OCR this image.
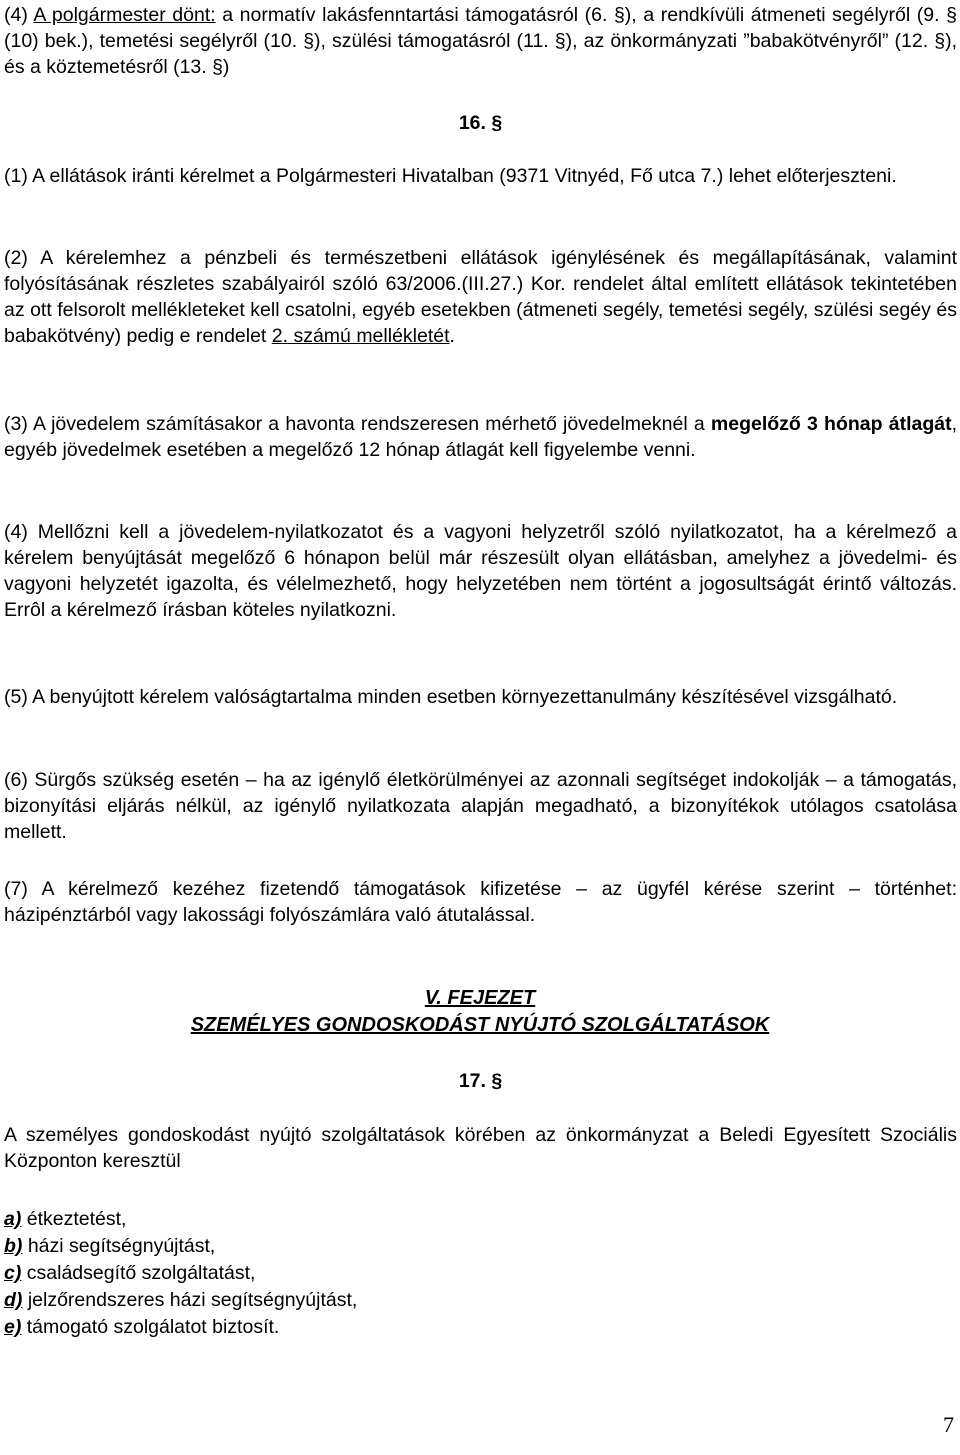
(4) A polgármester dönt: a normatív lakásfenntartási támogatásról (6. §), a rendkívüli átmeneti segélyről (9. § (10) bek.), temetési segélyről (10. §), szülési támogatásról (11. §), az önkormányzati ”babakötvényről” (12. §), és a köztemetésről (13. §)

16. §

(1) A ellátások iránti kérelmet a Polgármesteri Hivatalban (9371 Vitnyéd, Fő utca 7.) lehet előterjeszteni.

(2) A kérelemhez a pénzbeli és természetbeni ellátások igénylésének és megállapításának, valamint folyósításának részletes szabályairól szóló 63/2006.(III.27.) Kor. rendelet által említett ellátások tekintetében az ott felsorolt mellékleteket kell csatolni, egyéb esetekben (átmeneti segély, temetési segély, szülési segéy és babakötvény) pedig e rendelet 2. számú mellékletét.

(3) A jövedelem számításakor a havonta rendszeresen mérhető jövedelmeknél a megelőző 3 hónap átlagát, egyéb jövedelmek esetében a megelőző 12 hónap átlagát kell figyelembe venni.

(4) Mellőzni kell a jövedelem-nyilatkozatot és a vagyoni helyzetről szóló nyilatkozatot, ha a kérelmező a kérelem benyújtását megelőző 6 hónapon belül már részesült olyan ellátásban, amelyhez a jövedelmi- és vagyoni helyzetét igazolta, és vélelmezhető, hogy helyzetében nem történt a jogosultságát érintő változás. Errôl a kérelmező írásban köteles nyilatkozni.

(5) A benyújtott kérelem valóságtartalma minden esetben környezettanulmány készítésével vizsgálható.

(6) Sürgős szükség esetén – ha az igénylő életkörülményei az azonnali segítséget indokolják – a támogatás, bizonyítási eljárás nélkül, az igénylő nyilatkozata alapján megadható, a bizonyítékok utólagos csatolása mellett.

(7) A kérelmező kezéhez fizetendő támogatások kifizetése – az ügyfél kérése szerint – történhet: házipénztárból vagy lakossági folyószámlára való átutalással.

V. FEJEZET

SZEMÉLYES GONDOSKODÁST NYÚJTÓ SZOLGÁLTATÁSOK

17. §

A személyes gondoskodást nyújtó szolgáltatások körében az önkormányzat a Beledi Egyesített Szociális Központon keresztül

a) étkeztetést,

b) házi segítségnyújtást,

c) családsegítő szolgáltatást,

d) jelzőrendszeres házi segítségnyújtást,

e) támogató szolgálatot biztosít.

7
